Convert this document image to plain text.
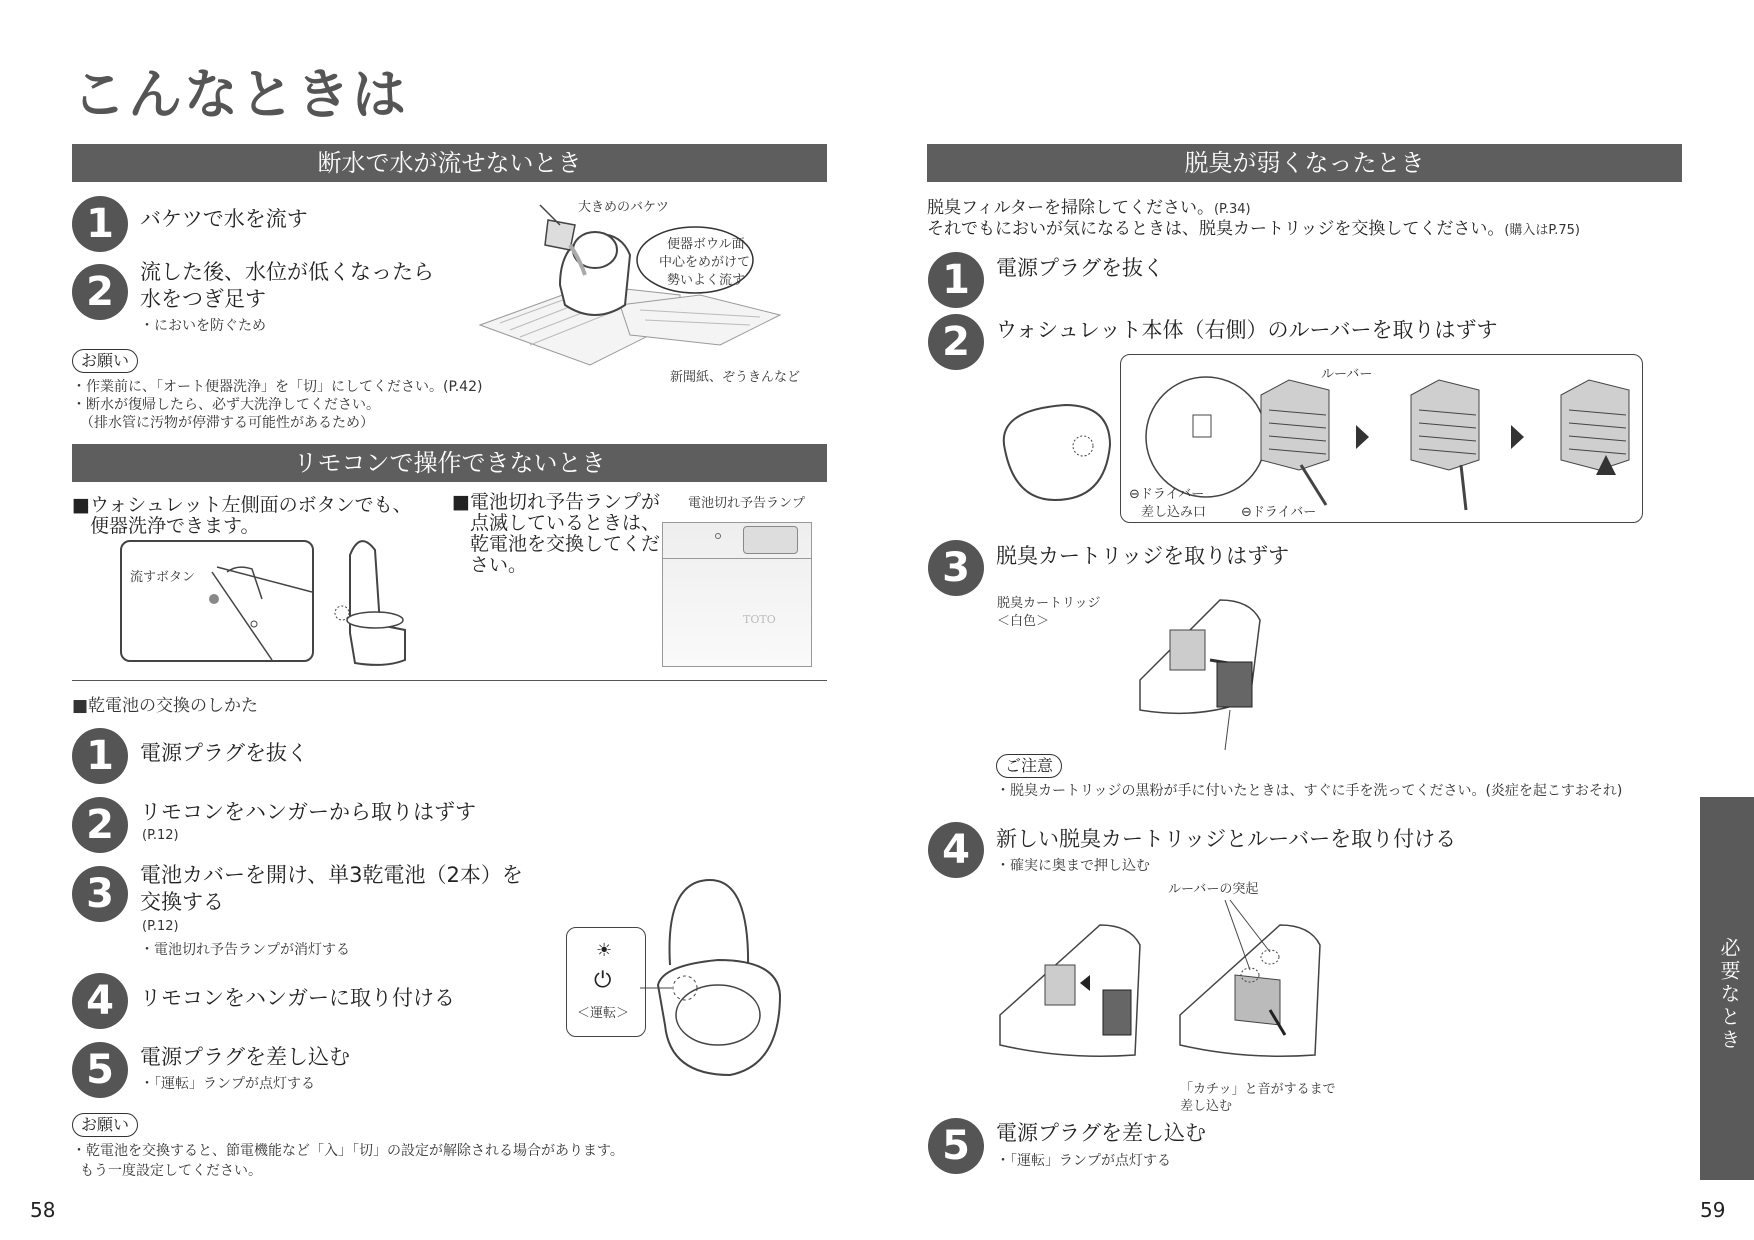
こんなときは
断水で水が流せないとき
1	バケツで水を流す
2	流した後、水位が低くなったら
水をつぎ足す
・においを防ぐため
お願い
・作業前に、「オート便器洗浄」を「切」にしてください。(P.42)
・断水が復帰したら、必ず大洗浄してください。
（排水管に汚物が停滞する可能性があるため）
大きめのバケツ
便器ボウル面
中心をめがけて
勢いよく流す
新聞紙、ぞうきんなど
リモコンで操作できないとき
■ウォシュレット左側面のボタンでも、
便器洗浄できます。
流すボタン
■電池切れ予告ランプが
点滅しているときは、
乾電池を交換してくだ
さい。
電池切れ予告ランプ
TOTO
■乾電池の交換のしかた
1	電源プラグを抜く
2	リモコンをハンガーから取りはずす
(P.12)
3	電池カバーを開け、単3乾電池（2本）を
交換する
(P.12)
・電池切れ予告ランプが消灯する
4	リモコンをハンガーに取り付ける
5	電源プラグを差し込む
・「運転」ランプが点灯する
☀
⏻
＜運転＞
お願い
・乾電池を交換すると、節電機能など「入」「切」の設定が解除される場合があります。
もう一度設定してください。
58
脱臭が弱くなったとき
脱臭フィルターを掃除してください。(P.34)
それでもにおいが気になるときは、脱臭カートリッジを交換してください。(購入はP.75)
1	電源プラグを抜く
2	ウォシュレット本体（右側）のルーバーを取りはずす
ルーバー
⊖ドライバー
差し込み口	⊖ドライバー
3	脱臭カートリッジを取りはずす
脱臭カートリッジ
＜白色＞
ご注意
・脱臭カートリッジの黒粉が手に付いたときは、すぐに手を洗ってください。(炎症を起こすおそれ)
4	新しい脱臭カートリッジとルーバーを取り付ける
・確実に奥まで押し込む
ルーバーの突起
「カチッ」と音がするまで
差し込む
5	電源プラグを差し込む
・「運転」ランプが点灯する
59
必要なとき
